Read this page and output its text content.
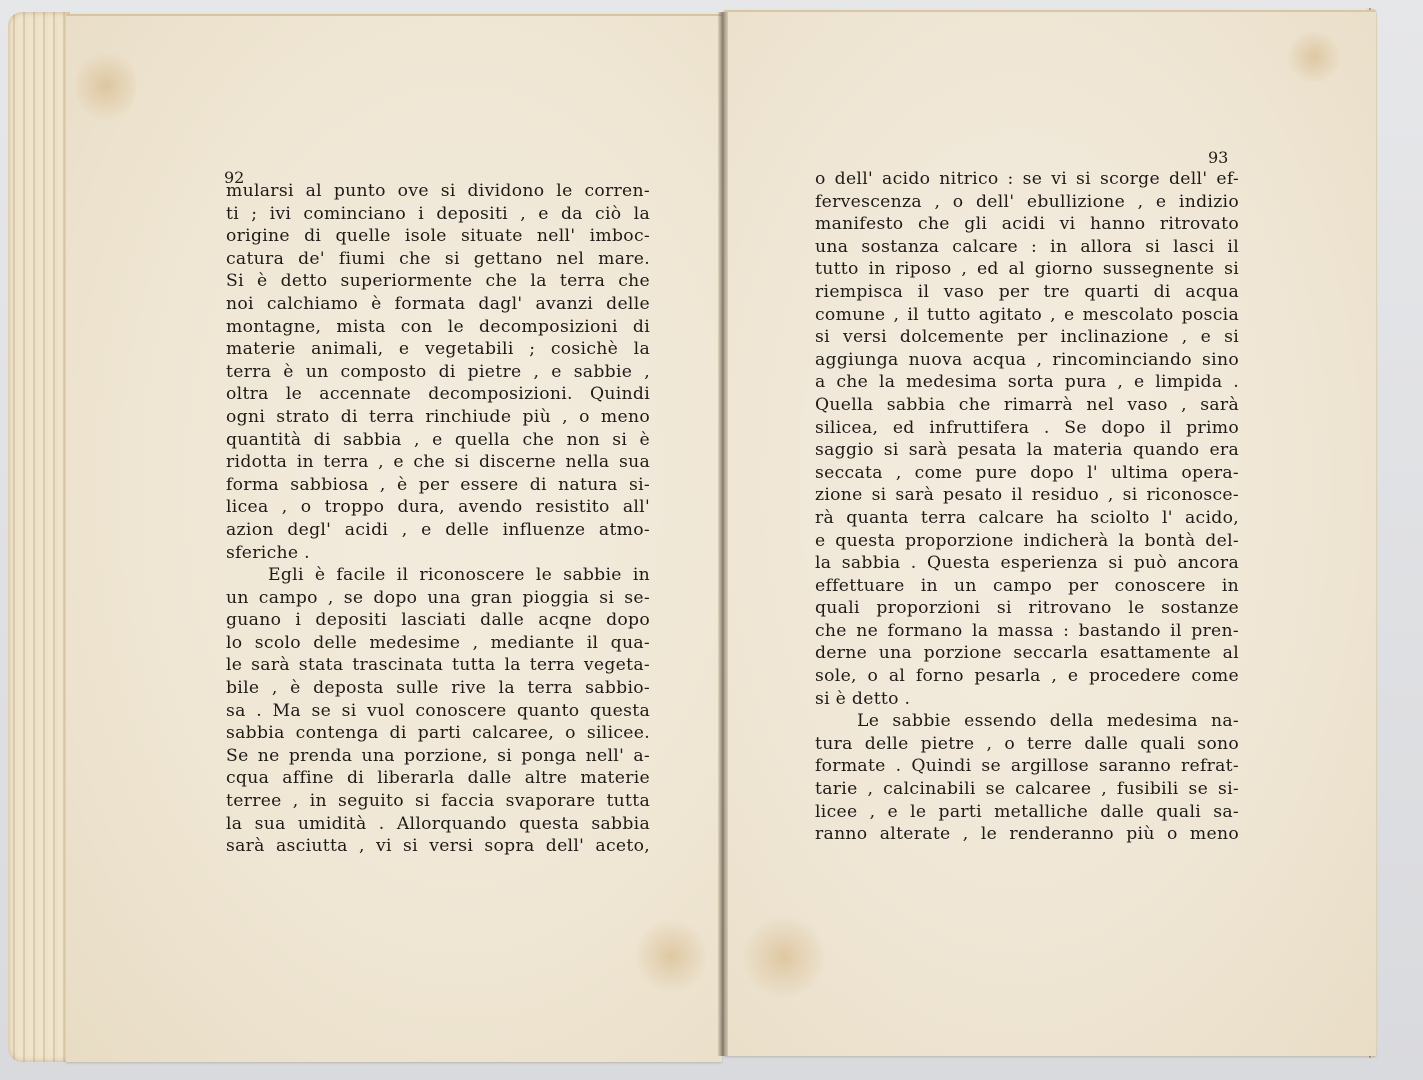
92
mularsi al punto ove si dividono le corren-
ti ; ivi cominciano i depositi , e da ciò la
origine di quelle isole situate nell' imboc-
catura de' fiumi che si gettano nel mare.
Si è detto superiormente che la terra che
noi calchiamo è formata dagl' avanzi delle
montagne, mista con le decomposizioni di
materie animali, e vegetabili ; cosichè la
terra è un composto di pietre , e sabbie ,
oltra le accennate decomposizioni. Quindi
ogni strato di terra rinchiude più , o meno
quantità di sabbia , e quella che non si è
ridotta in terra , e che si discerne nella sua
forma sabbiosa , è per essere di natura si-
licea , o troppo dura, avendo resistito all'
azion degl' acidi , e delle influenze atmo-
sferiche .
Egli è facile il riconoscere le sabbie in
un campo , se dopo una gran pioggia si se-
guano i depositi lasciati dalle acqne dopo
lo scolo delle medesime , mediante il qua-
le sarà stata trascinata tutta la terra vegeta-
bile , è deposta sulle rive la terra sabbio-
sa . Ma se si vuol conoscere quanto questa
sabbia contenga di parti calcaree, o silicee.
Se ne prenda una porzione, si ponga nell' a-
cqua affine di liberarla dalle altre materie
terree , in seguito si faccia svaporare tutta
la sua umidità . Allorquando questa sabbia
sarà asciutta , vi si versi sopra dell' aceto,
93
o dell' acido nitrico : se vi si scorge dell' ef-
fervescenza , o dell' ebullizione , e indizio
manifesto che gli acidi vi hanno ritrovato
una sostanza calcare : in allora si lasci il
tutto in riposo , ed al giorno sussegnente si
riempisca il vaso per tre quarti di acqua
comune , il tutto agitato , e mescolato poscia
si versi dolcemente per inclinazione , e si
aggiunga nuova acqua , rincominciando sino
a che la medesima sorta pura , e limpida .
Quella sabbia che rimarrà nel vaso , sarà
silicea, ed infruttifera . Se dopo il primo
saggio si sarà pesata la materia quando era
seccata , come pure dopo l' ultima opera-
zione si sarà pesato il residuo , si riconosce-
rà quanta terra calcare ha sciolto l' acido,
e questa proporzione indicherà la bontà del-
la sabbia . Questa esperienza si può ancora
effettuare in un campo per conoscere in
quali proporzioni si ritrovano le sostanze
che ne formano la massa : bastando il pren-
derne una porzione seccarla esattamente al
sole, o al forno pesarla , e procedere come
si è detto .
Le sabbie essendo della medesima na-
tura delle pietre , o terre dalle quali sono
formate . Quindi se argillose saranno refrat-
tarie , calcinabili se calcaree , fusibili se si-
licee , e le parti metalliche dalle quali sa-
ranno alterate , le renderanno più o meno
